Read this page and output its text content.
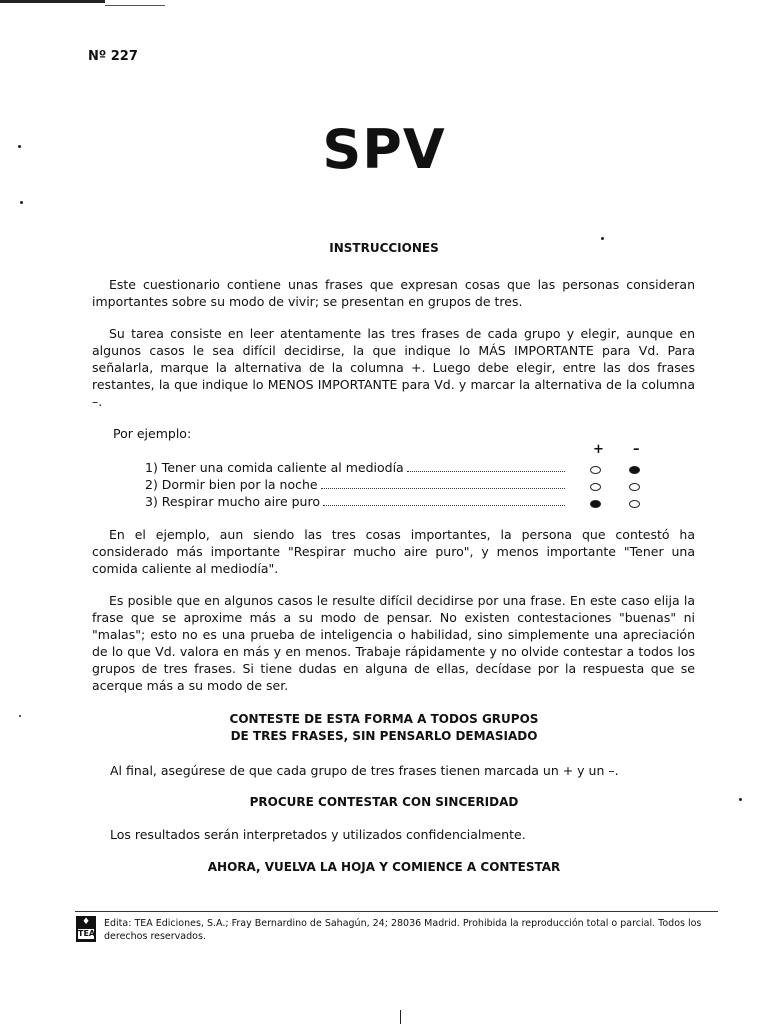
Nº 227
SPV
INSTRUCCIONES

Este cuestionario contiene unas frases que expresan cosas que las personas consideran importantes sobre su modo de vivir; se presentan en grupos de tres.

Su tarea consiste en leer atentamente las tres frases de cada grupo y elegir, aunque en algunos casos le sea difícil decidirse, la que indique lo MÁS IMPORTANTE para Vd. Para señalarla, marque la alternativa de la columna +. Luego debe elegir, entre las dos frases restantes, la que indique lo MENOS IMPORTANTE para Vd. y marcar la alternativa de la columna –.

Por ejemplo:
+ –
1) Tener una comida caliente al mediodía
2) Dormir bien por la noche
3) Respirar mucho aire puro

En el ejemplo, aun siendo las tres cosas importantes, la persona que contestó ha considerado más importante "Respirar mucho aire puro", y menos importante "Tener una comida caliente al mediodía".

Es posible que en algunos casos le resulte difícil decidirse por una frase. En este caso elija la frase que se aproxime más a su modo de pensar. No existen contestaciones "buenas" ni "malas"; esto no es una prueba de inteligencia o habilidad, sino simplemente una apreciación de lo que Vd. valora en más y en menos. Trabaje rápidamente y no olvide contestar a todos los grupos de tres frases. Si tiene dudas en alguna de ellas, decídase por la respuesta que se acerque más a su modo de ser.

CONTESTE DE ESTA FORMA A TODOS GRUPOS
DE TRES FRASES, SIN PENSARLO DEMASIADO
Al final, asegúrese de que cada grupo de tres frases tienen marcada un + y un –.
PROCURE CONTESTAR CON SINCERIDAD
Los resultados serán interpretados y utilizados confidencialmente.
AHORA, VUELVA LA HOJA Y COMIENCE A CONTESTAR
♦
TEA
Edita: TEA Ediciones, S.A.; Fray Bernardino de Sahagún, 24; 28036 Madrid. Prohibida la reproducción total o parcial. Todos los derechos reservados.
